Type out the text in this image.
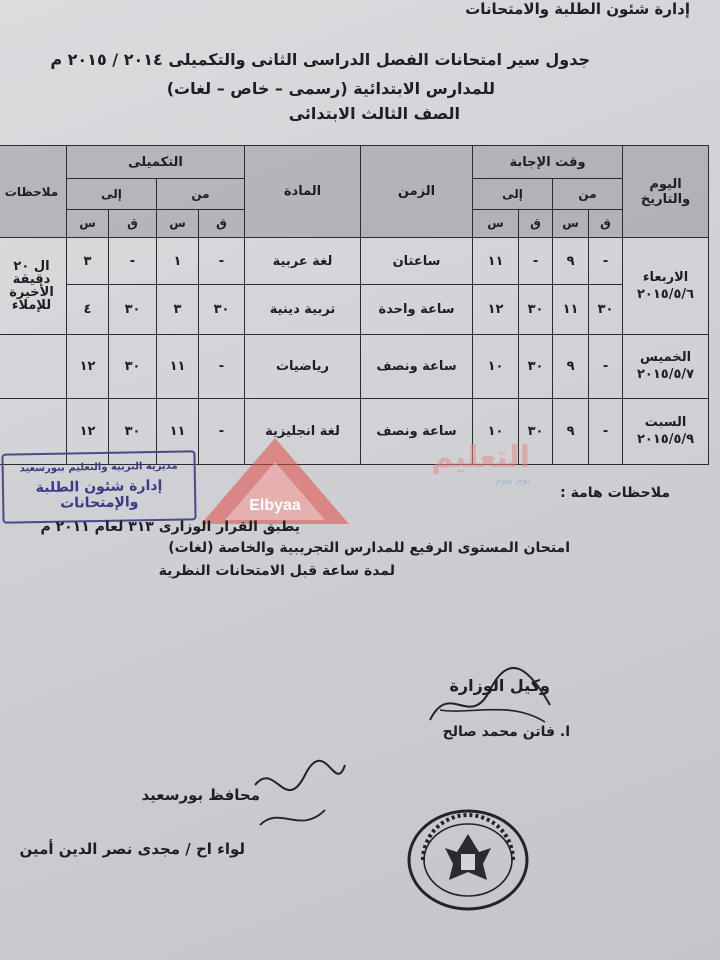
إدارة شئون الطلبة والامتحانات
جدول سير امتحانات الفصل الدراسى الثانى والتكميلى ٢٠١٤ / ٢٠١٥ م
للمدارس الابتدائية (رسمى – خاص – لغات)
الصف الثالث الابتدائى
اليوم والتاريخ	وقت الإجابة				الزمن	المادة	التكميلى				ملاحظات
	من		إلى				من		إلى		
	ق	س	ق	س			ق	س	ق	س	

الاربعاء
٢٠١٥/٥/٦	-	٩	-	١١	ساعتان	لغة عربية	-	١	-	٣	ال ٢٠ دقيقة الأخيرة للإملاء
	٣٠	١١	٣٠	١٢	ساعة واحدة	تربية دينية	٣٠	٣	٣٠	٤	

الخميس
٢٠١٥/٥/٧	-	٩	٣٠	١٠	ساعة ونصف	رياضيات	-	١١	٣٠	١٢	

السبت
٢٠١٥/٥/٩	-	٩	٣٠	١٠	ساعة ونصف	لغة انجليزية	-	١١	٣٠	١٢	
مديرية التربية والتعليم ببورسعيد
إدارة شئون الطلبة والإمتحانات	Elbyaa
التعليم
يوم بيوم
ملاحظات هامة :
يطبق القرار الوزارى ٣١٣ لعام ٢٠١١ م
امتحان المستوى الرفيع للمدارس التجريبية والخاصة (لغات)
لمدة ساعة قبل الامتحانات النظرية
وكيل الوزارة
ا. فاتن محمد صالح
محافظ بورسعيد
لواء اح / مجدى نصر الدين أمين
